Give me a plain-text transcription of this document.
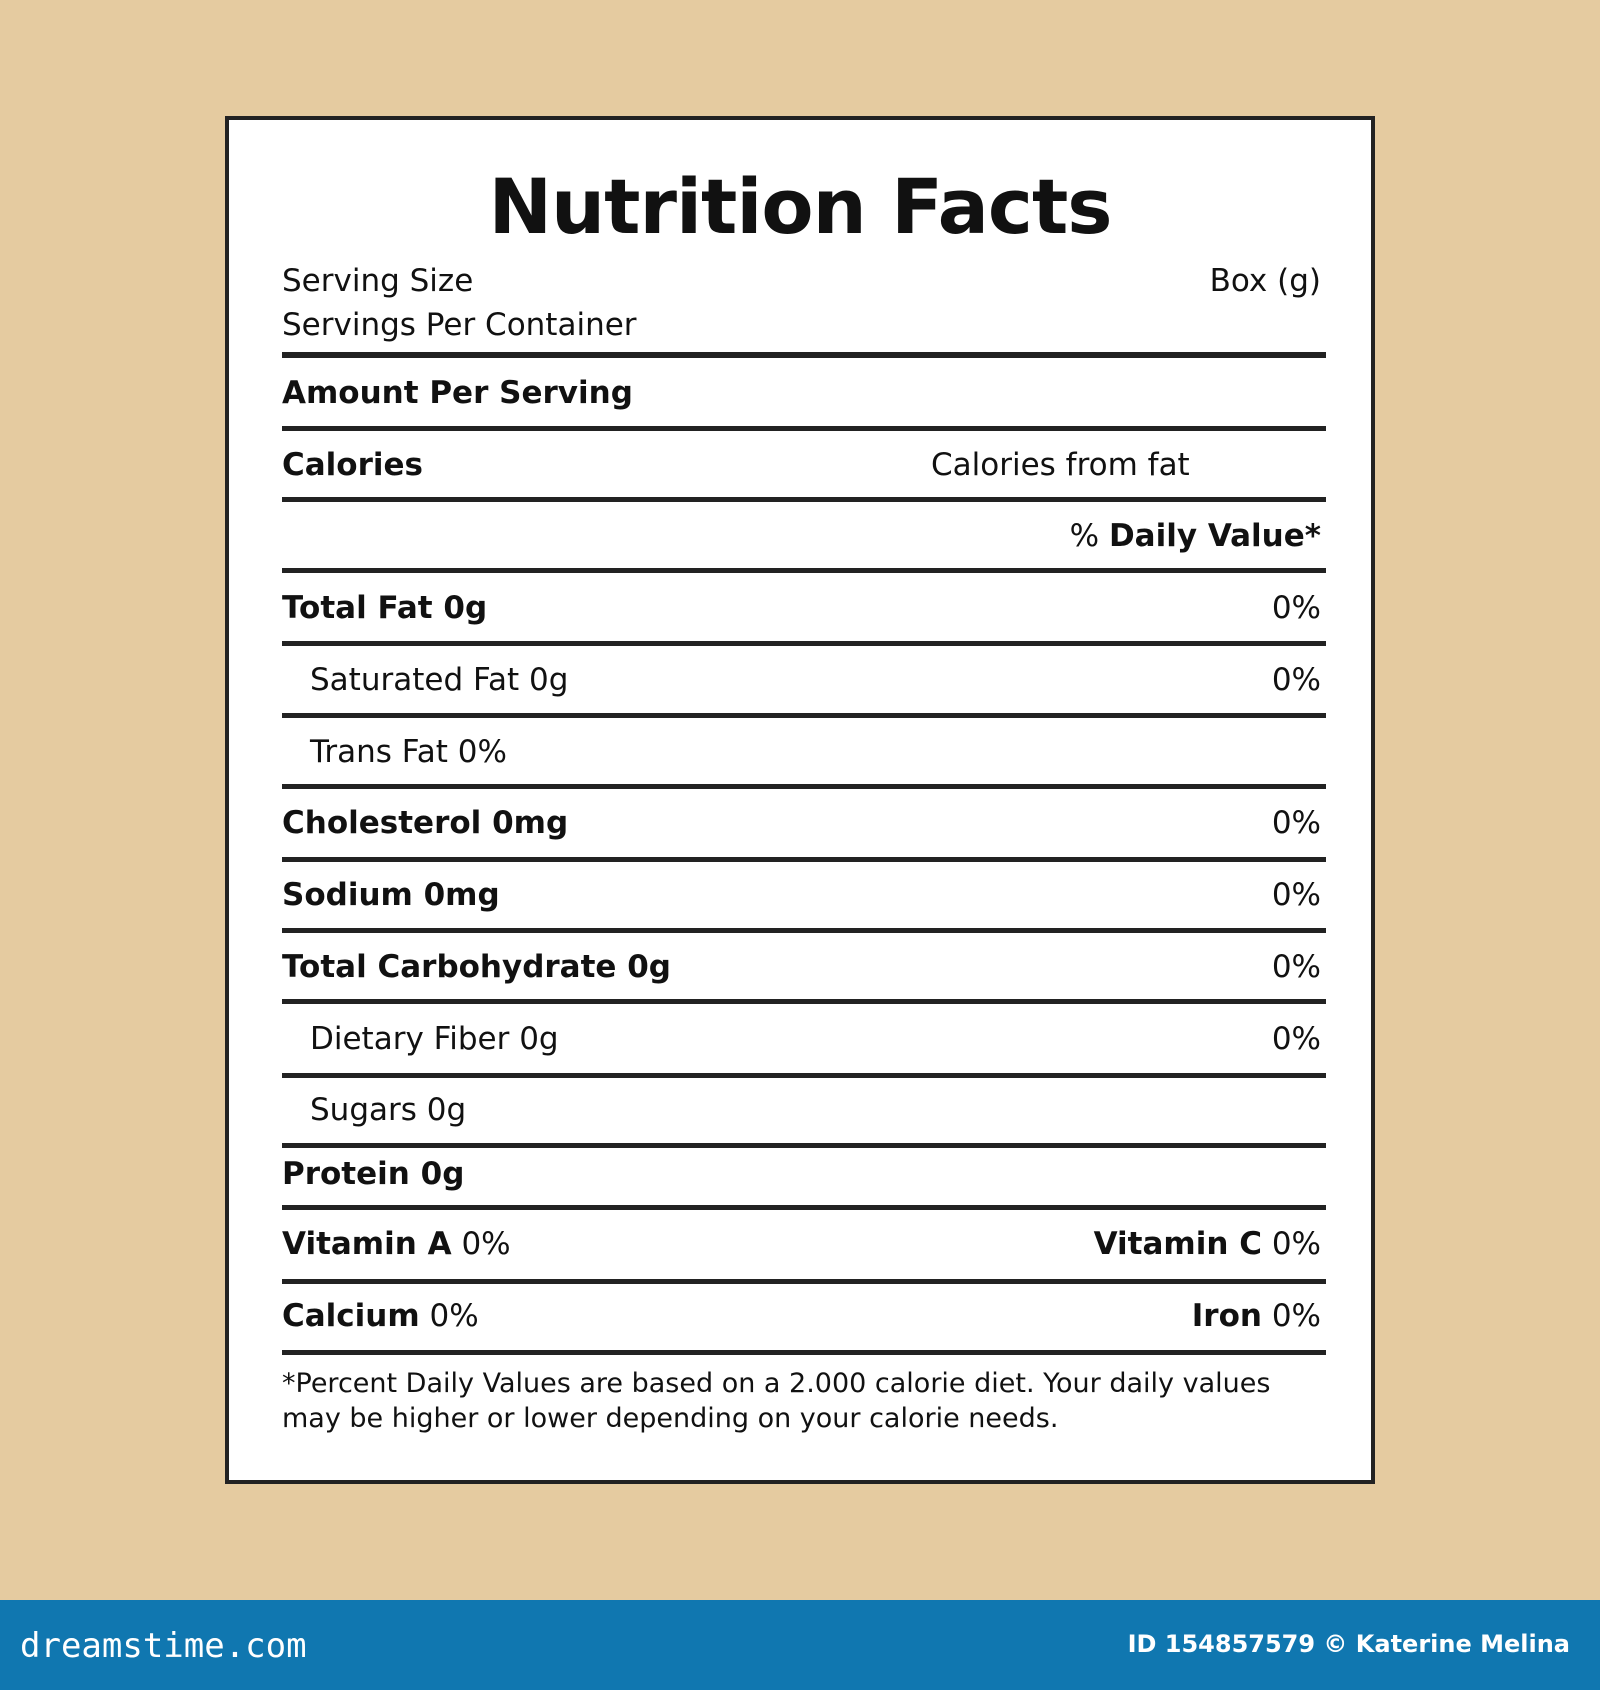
Nutrition Facts
Serving Size	Box (g)
Servings Per Container
Amount Per Serving
Calories	Calories from fat
% Daily Value*
Total Fat 0g	0%
Saturated Fat 0g	0%
Trans Fat 0%
Cholesterol 0mg	0%
Sodium 0mg	0%
Total Carbohydrate 0g	0%
Dietary Fiber 0g	0%
Sugars 0g
Protein 0g
Vitamin A 0%	Vitamin C 0%
Calcium 0%	Iron 0%
*Percent Daily Values are based on a 2.000 calorie diet. Your daily values may be higher or lower depending on your calorie needs.
dreamstime.com	ID 154857579 © Katerine Melina
